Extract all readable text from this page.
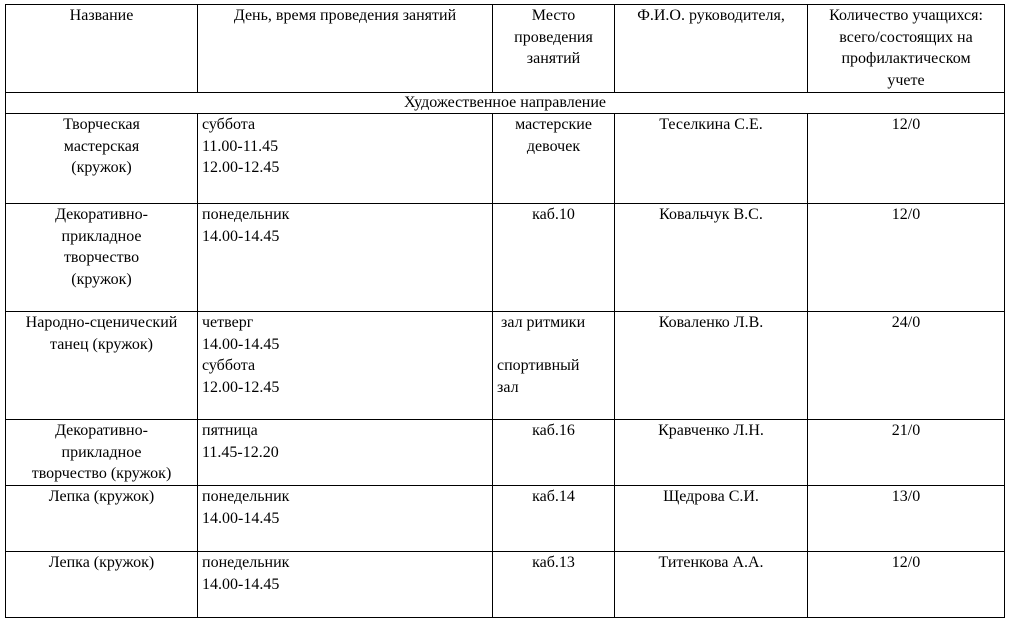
Название	День, время проведения занятий	Место
проведения
занятий	Ф.И.О. руководителя,	Количество учащихся:
всего/состоящих на
профилактическом
учете

Художественное направление				

Творческая
мастерская
(кружок)	суббота
11.00-11.45
12.00-12.45	мастерские
девочек	Теселкина С.Е.	12/0

Декоративно-
прикладное
творчество
(кружок)	понедельник
14.00-14.45	каб.10	Ковальчук В.С.	12/0

Народно-сценический
танец (кружок)	четверг
14.00-14.45
суббота
12.00-12.45	зал ритмики
спортивный
зал	Коваленко Л.В.	24/0

Декоративно-
прикладное
творчество (кружок)	пятница
11.45-12.20	каб.16	Кравченко Л.Н.	21/0

Лепка (кружок)	понедельник
14.00-14.45	каб.14	Щедрова С.И.	13/0

Лепка (кружок)	понедельник
14.00-14.45	каб.13	Титенкова А.А.	12/0
